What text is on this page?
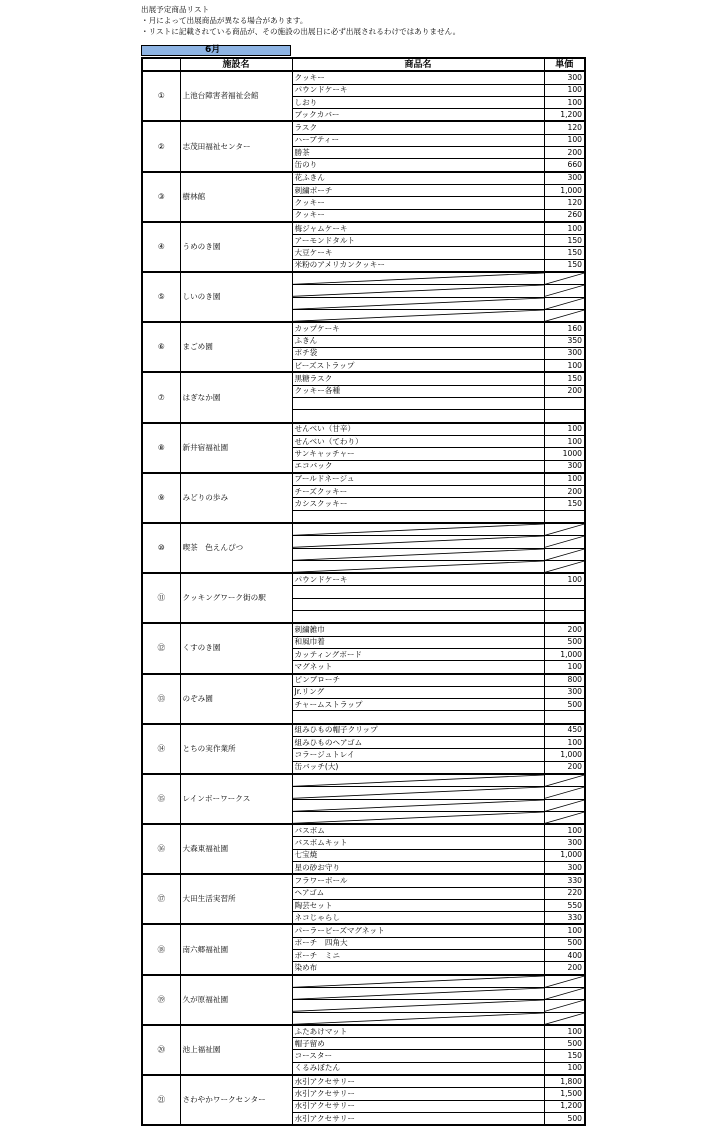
出展予定商品リスト
・月によって出展商品が異なる場合があります。
・リストに記載されている商品が、その施設の出展日に必ず出展されるわけではありません。
6月
	施設名	商品名	単価
①	上池台障害者福祉会館	クッキー	300
		パウンドケーキ	100
		しおり	100
		ブックカバー	1,200
②	志茂田福祉センター	ラスク	120
		ハーブティー	100
		勝茶	200
		缶のり	660
③	樹林館	花ふきん	300
		刺繍ポーチ	1,000
		クッキー	120
		クッキー	260
④	うめのき園	梅ジャムケーキ	100
		アーモンドタルト	150
		大豆ケーキ	150
		米粉のアメリカンクッキー	150
⑤	しいのき園	

⑥	まごめ園	カップケーキ	160
		ふきん	350
		ポチ袋	300
		ビーズストラップ	100
⑦	はぎなか園	黒糖ラスク	150
		クッキー各種	200

⑧	新井宿福祉園	せんべい（甘辛）	100
		せんべい（てわり）	100
		サンキャッチャー	1000
		エコバック	300
⑨	みどりの歩み	ブールドネージュ	100
		チーズクッキー	200
		カシスクッキー	150

⑩	喫茶　色えんぴつ	

⑪	クッキングワーク街の駅	パウンドケーキ	100

⑫	くすのき園	刺繍雑巾	200
		和風巾着	500
		カッティングボード	1,000
		マグネット	100
⑬	のぞみ園	ピンブローチ	800
		Jr.リング	300
		チャームストラップ	500

⑭	とちの実作業所	組みひもの帽子クリップ	450
		組みひものヘアゴム	100
		コラージュトレイ	1,000
		缶バッチ(大)	200
⑮	レインボーワークス	

⑯	大森東福祉園	バスボム	100
		バスボムキット	300
		七宝焼	1,000
		星の砂お守り	300
⑰	大田生活実習所	フラワーボール	330
		ヘアゴム	220
		陶芸セット	550
		ネコじゃらし	330
⑱	南六郷福祉園	パーラービーズマグネット	100
		ポーチ　四角大	500
		ポーチ　ミニ	400
		染め布	200
⑲	久が原福祉園	

⑳	池上福祉園	ふたあけマット	100
		帽子留め	500
		コースター	150
		くるみぼたん	100
㉑	さわやかワークセンター	水引アクセサリー	1,800
		水引アクセサリー	1,500
		水引アクセサリー	1,200
		水引アクセサリー	500
